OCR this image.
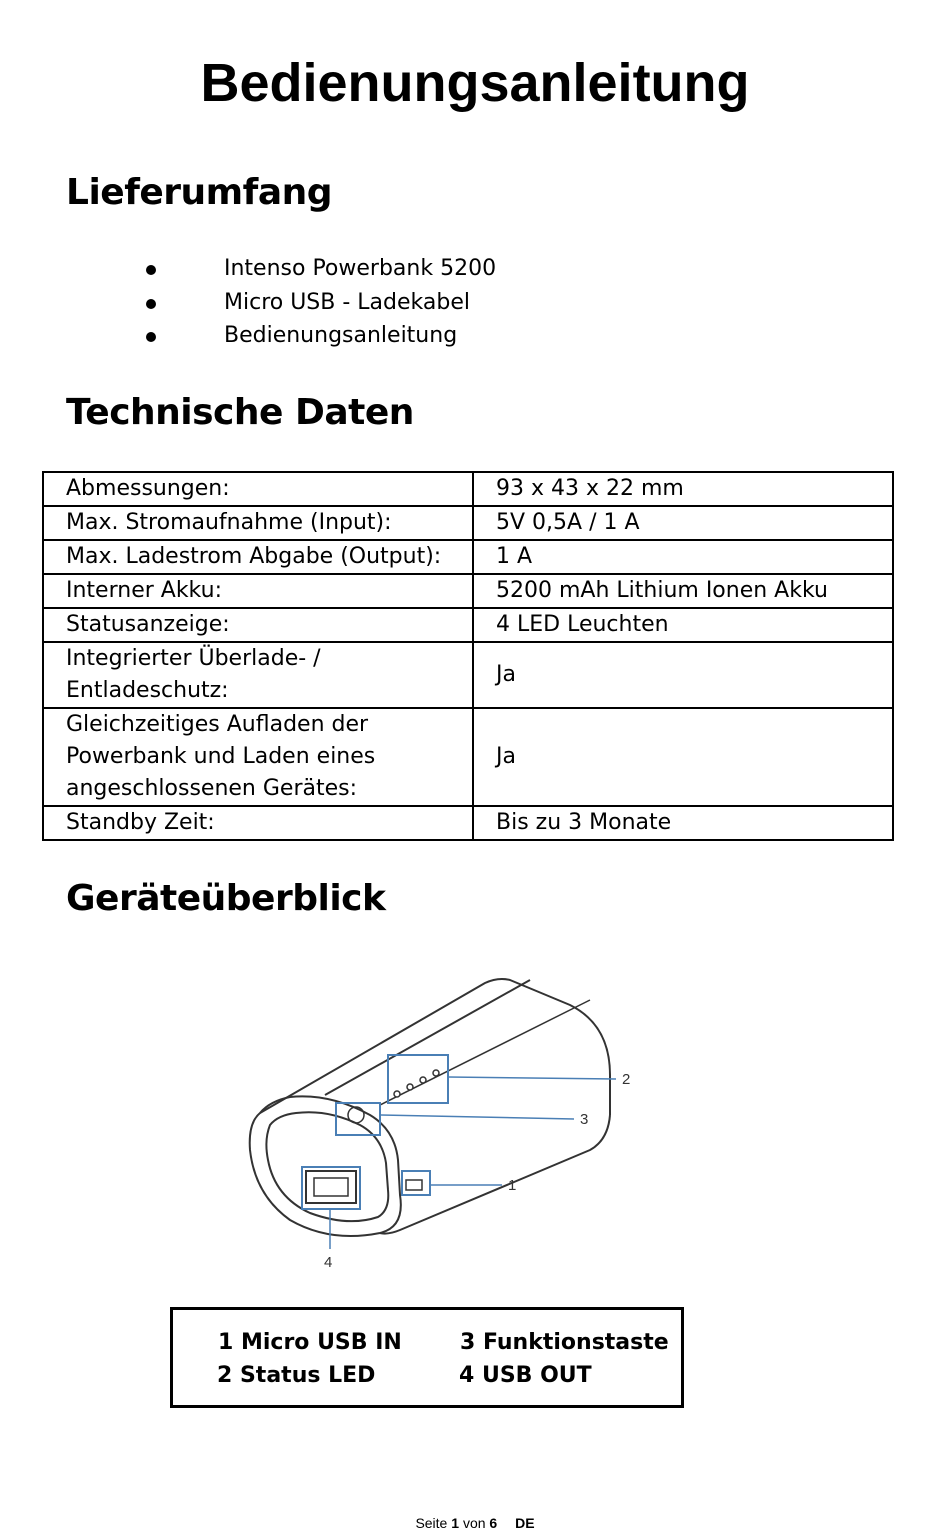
Bedienungsanleitung
Lieferumfang
Intenso Powerbank 5200
Micro USB - Ladekabel
Bedienungsanleitung
Technische Daten
Abmessungen:	93 x 43 x 22 mm
Max. Stromaufnahme (Input):	5V 0,5A / 1 A
Max. Ladestrom Abgabe (Output):	1 A
Interner Akku:	5200 mAh Lithium Ionen Akku
Statusanzeige:	4 LED Leuchten
Integrierter Überlade- / Entladeschutz:	Ja
Gleichzeitiges Aufladen der Powerbank und Laden eines angeschlossenen Gerätes:	Ja
Standby Zeit:	Bis zu 3 Monate
Geräteüberblick
1
2
3
4
1 Micro USB IN
2 Status LED
3 Funktionstaste
4 USB OUT
Seite 1 von 6 DE
